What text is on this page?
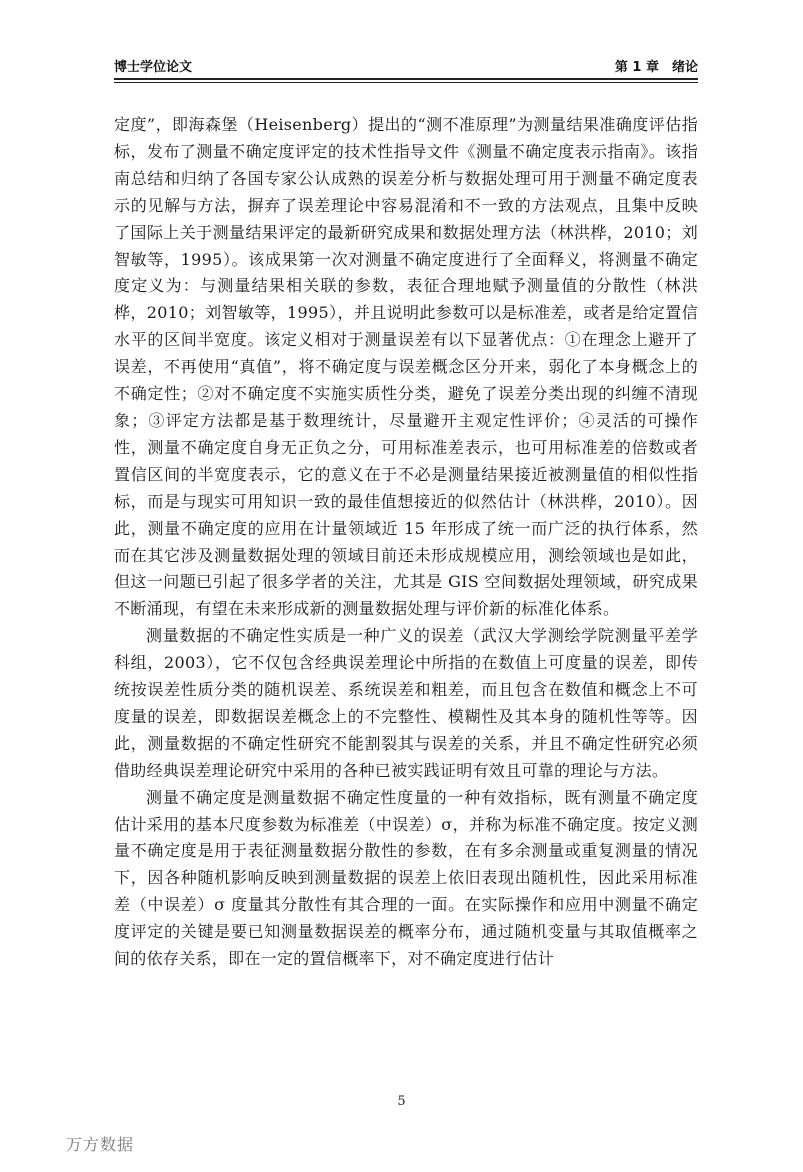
博士学位论文	第 1 章　绪论

定度”，即海森堡（Heisenberg）提出的“测不准原理”为测量结果准确度评估指标，发布了测量不确定度评定的技术性指导文件《测量不确定度表示指南》。该指南总结和归纳了各国专家公认成熟的误差分析与数据处理可用于测量不确定度表示的见解与方法，摒弃了误差理论中容易混淆和不一致的方法观点，且集中反映了国际上关于测量结果评定的最新研究成果和数据处理方法（林洪桦，2010；刘智敏等，1995）。该成果第一次对测量不确定度进行了全面释义，将测量不确定度定义为：与测量结果相关联的参数，表征合理地赋予测量值的分散性（林洪桦，2010；刘智敏等，1995），并且说明此参数可以是标准差，或者是给定置信水平的区间半宽度。该定义相对于测量误差有以下显著优点：①在理念上避开了误差，不再使用“真值”，将不确定度与误差概念区分开来，弱化了本身概念上的不确定性；②对不确定度不实施实质性分类，避免了误差分类出现的纠缠不清现象；③评定方法都是基于数理统计，尽量避开主观定性评价；④灵活的可操作性，测量不确定度自身无正负之分，可用标准差表示，也可用标准差的倍数或者置信区间的半宽度表示，它的意义在于不必是测量结果接近被测量值的相似性指标，而是与现实可用知识一致的最佳值想接近的似然估计（林洪桦，2010）。因此，测量不确定度的应用在计量领域近 15 年形成了统一而广泛的执行体系，然而在其它涉及测量数据处理的领域目前还未形成规模应用，测绘领域也是如此，但这一问题已引起了很多学者的关注，尤其是 GIS 空间数据处理领域，研究成果不断涌现，有望在未来形成新的测量数据处理与评价新的标准化体系。

测量数据的不确定性实质是一种广义的误差（武汉大学测绘学院测量平差学科组，2003），它不仅包含经典误差理论中所指的在数值上可度量的误差，即传统按误差性质分类的随机误差、系统误差和粗差，而且包含在数值和概念上不可度量的误差，即数据误差概念上的不完整性、模糊性及其本身的随机性等等。因此，测量数据的不确定性研究不能割裂其与误差的关系，并且不确定性研究必须借助经典误差理论研究中采用的各种已被实践证明有效且可靠的理论与方法。

测量不确定度是测量数据不确定性度量的一种有效指标，既有测量不确定度估计采用的基本尺度参数为标准差（中误差）σ，并称为标准不确定度。按定义测量不确定度是用于表征测量数据分散性的参数，在有多余测量或重复测量的情况下，因各种随机影响反映到测量数据的误差上依旧表现出随机性，因此采用标准差（中误差）σ 度量其分散性有其合理的一面。在实际操作和应用中测量不确定度评定的关键是要已知测量数据误差的概率分布，通过随机变量与其取值概率之间的依存关系，即在一定的置信概率下，对不确定度进行估计

5
万方数据
